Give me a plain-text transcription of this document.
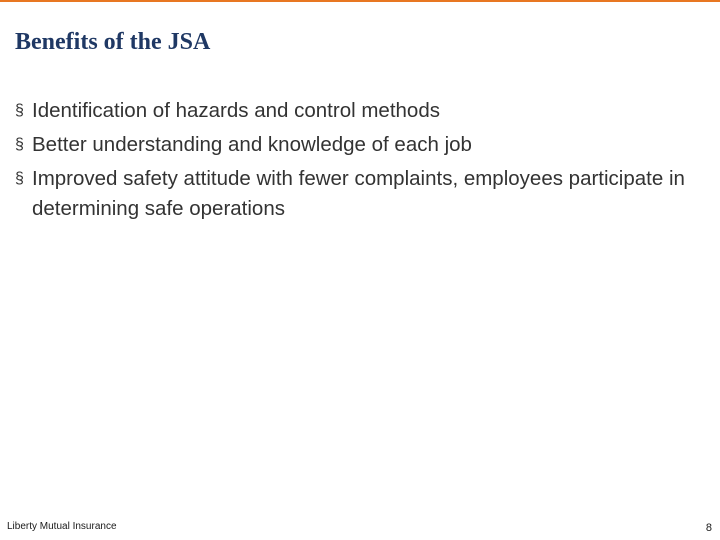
Benefits of the JSA
§ Identification of hazards and control methods
§ Better understanding and knowledge of each job
§ Improved safety attitude with fewer complaints, employees participate in determining safe operations
Liberty Mutual Insurance	8
